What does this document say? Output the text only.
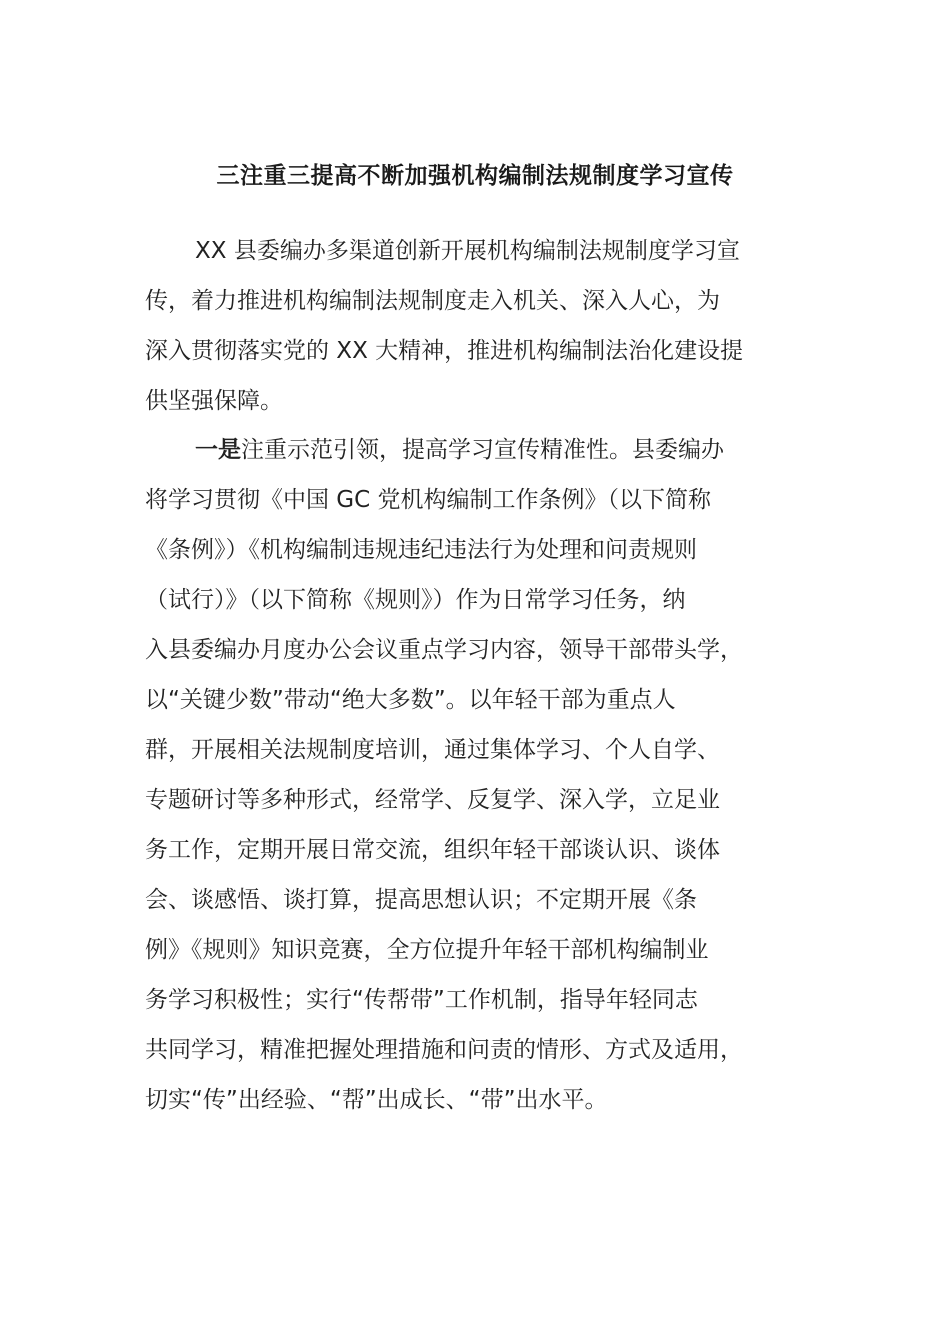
三注重三提高不断加强机构编制法规制度学习宣传
XX 县委编办多渠道创新开展机构编制法规制度学习宣
传，着力推进机构编制法规制度走入机关、深入人心，为
深入贯彻落实党的 XX 大精神，推进机构编制法治化建设提
供坚强保障。
一是注重示范引领，提高学习宣传精准性。县委编办
将学习贯彻《中国 GC 党机构编制工作条例》（以下简称
《条例》）《机构编制违规违纪违法行为处理和问责规则
（试行）》（以下简称《规则》）作为日常学习任务，纳
入县委编办月度办公会议重点学习内容，领导干部带头学，
以“关键少数”带动“绝大多数”。以年轻干部为重点人
群，开展相关法规制度培训，通过集体学习、个人自学、
专题研讨等多种形式，经常学、反复学、深入学，立足业
务工作，定期开展日常交流，组织年轻干部谈认识、谈体
会、谈感悟、谈打算，提高思想认识；不定期开展《条
例》《规则》知识竞赛，全方位提升年轻干部机构编制业
务学习积极性；实行“传帮带”工作机制，指导年轻同志
共同学习，精准把握处理措施和问责的情形、方式及适用，
切实“传”出经验、“帮”出成长、“带”出水平。
